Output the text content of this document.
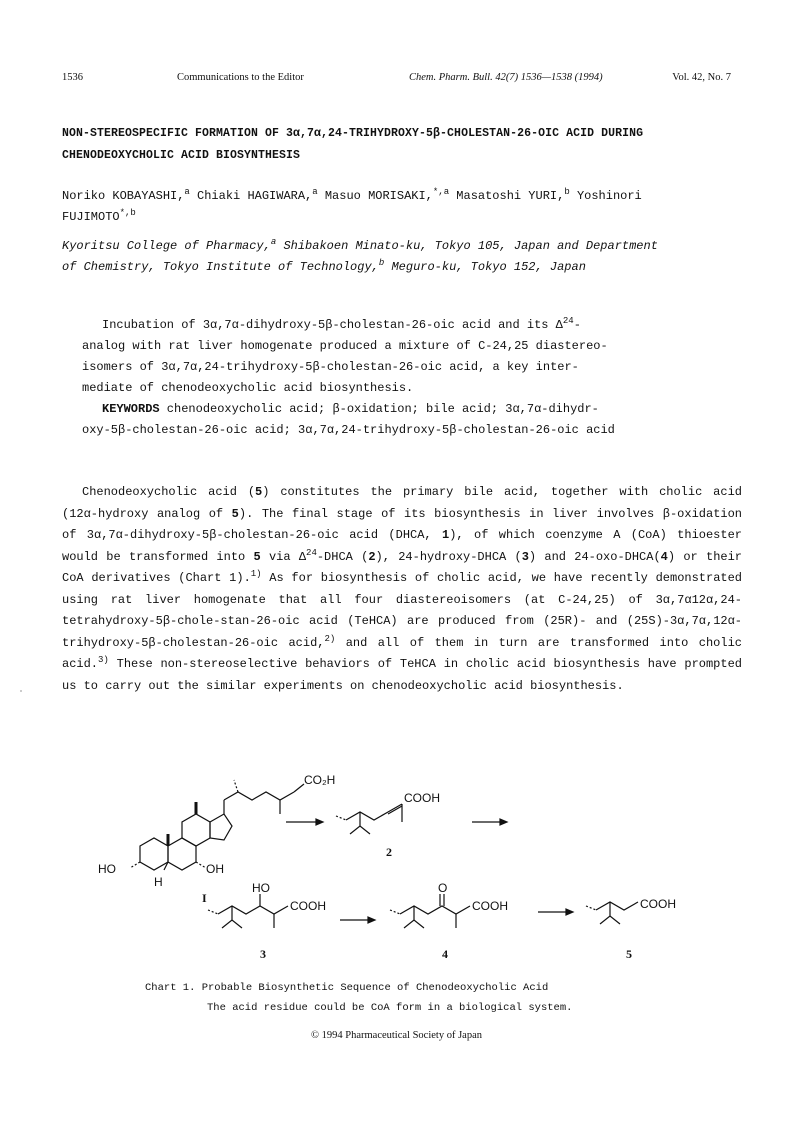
1536	Communications to the Editor	Chem. Pharm. Bull. 42(7) 1536—1538 (1994)	Vol. 42, No. 7
NON-STEREOSPECIFIC FORMATION OF 3α,7α,24-TRIHYDROXY-5β-CHOLESTAN-26-OIC ACID DURING
CHENODEOXYCHOLIC ACID BIOSYNTHESIS
Noriko KOBAYASHI,$^a$ Chiaki HAGIWARA,$^a$ Masuo MORISAKI,$^{*,a}$ Masatoshi YURI,$^b$ Yoshinori
$FUJIMOTO^{*,b}$
Kyoritsu College of Pharmacy,$^a$ Shibakoen Minato-ku, Tokyo 105, Japan and Department
of Chemistry, Tokyo Institute of Technology,$^b$ Meguro-ku, Tokyo 152, Japan

Incubation of 3α,7α-dihydroxy-5β-cholestan-26-oic acid and its $\Delta^{24}-$

analog with rat liver homogenate produced a mixture of C-24,25 diastereo-

isomers of 3α,7α,24-trihydroxy-5β-cholestan-26-oic acid, a key inter-

mediate of chenodeoxycholic acid biosynthesis.

KEYWORDS chenodeoxycholic acid; β-oxidation; bile acid; 3α,7α-dihydr-

oxy-5β-cholestan-26-oic acid; 3α,7α,24-trihydroxy-5β-cholestan-26-oic acid

Chenodeoxycholic acid (5) constitutes the primary bile acid, together with cholic acid (12α-hydroxy analog of 5). The final stage of its biosynthesis in liver involves β-oxidation of 3α,7α-dihydroxy-5β-cholestan-26-oic acid (DHCA, 1), of which coenzyme A (CoA) thioester would be transformed into 5 via $\Delta^{24}$-DHCA (2), 24-hydroxy-DHCA (3) and 24-oxo-DHCA(4) or their CoA derivatives (Chart 1).$^{1)}$ As for biosynthesis of cholic acid, we have recently demonstrated using rat liver homogenate that all four diastereoisomers (at C-24,25) of 3α,7α12α,24-tetrahydroxy-5β-chole-stan-26-oic acid (TeHCA) are produced from (25R)- and (25S)-3α,7α,12α-trihydroxy-5β-cholestan-26-oic acid,$^{2)}$ and all of them in turn are transformed into cholic acid.$^{3)}$ These non-stereoselective behaviors of TeHCA in cholic acid biosynthesis have prompted us to carry out the similar experiments on chenodeoxycholic acid biosynthesis.

CO₂H
HO	OH
H
I
COOH
2
HO
COOH
3
O
COOH
4
COOH
5
Chart 1. Probable Biosynthetic Sequence of Chenodeoxycholic Acid
The acid residue could be CoA form in a biological system.
© 1994 Pharmaceutical Society of Japan
